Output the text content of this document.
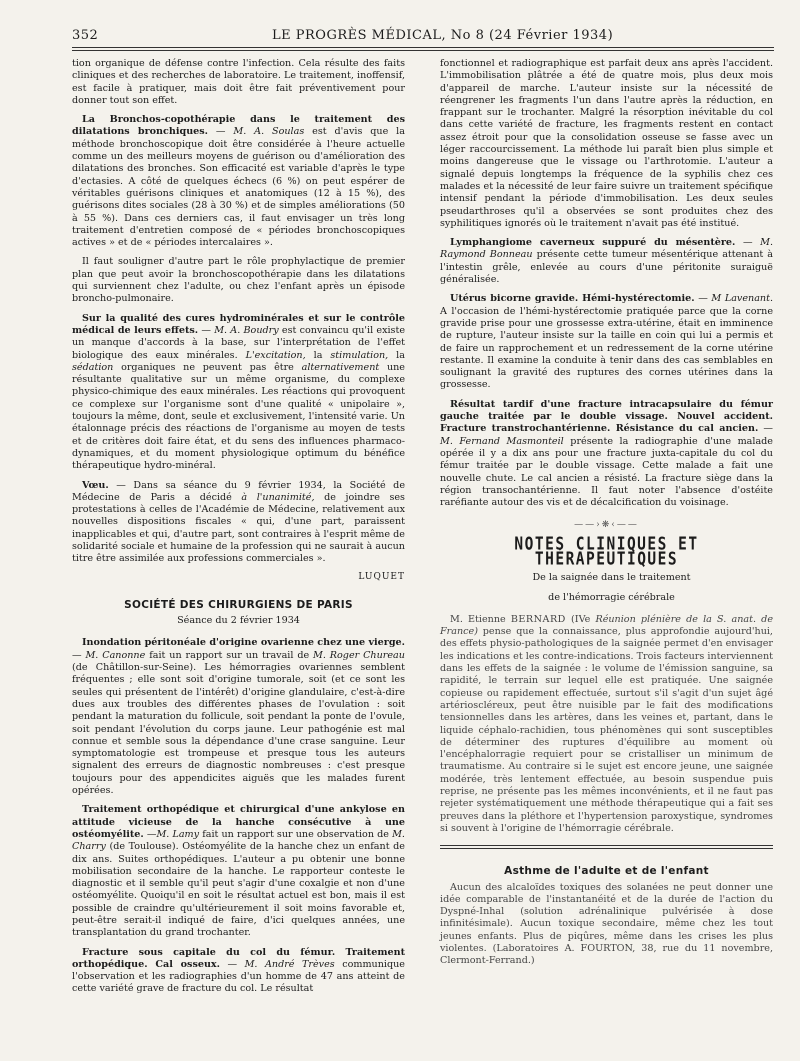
352	LE PROGRÈS MÉDICAL, No 8 (24 Février 1934)

tion organique de défense contre l'infection. Cela résulte des faits cliniques et des recherches de laboratoire. Le traitement, inoffensif, est facile à pratiquer, mais doit être fait préventivement pour donner tout son effet.

La Bronchos-copothérapie dans le traitement des dilatations bronchiques. — M. A. Soulas est d'avis que la méthode bronchoscopique doit être considérée à l'heure actuelle comme un des meilleurs moyens de guérison ou d'amélioration des dilatations des bronches. Son efficacité est variable d'après le type d'ectasies. A côté de quelques échecs (6 %) on peut espérer de véritables guérisons cliniques et anatomiques (12 à 15 %), des guérisons dites sociales (28 à 30 %) et de simples améliorations (50 à 55 %). Dans ces derniers cas, il faut envisager un très long traitement d'entretien composé de « périodes bronchoscopiques actives » et de « périodes intercalaires ».

Il faut souligner d'autre part le rôle prophylactique de premier plan que peut avoir la bronchoscopothérapie dans les dilatations qui surviennent chez l'adulte, ou chez l'enfant après un épisode broncho-pulmonaire.

Sur la qualité des cures hydrominérales et sur le contrôle médical de leurs effets. — M. A. Boudry est convaincu qu'il existe un manque d'accords à la base, sur l'interprétation de l'effet biologique des eaux minérales. L'excitation, la stimulation, la sédation organiques ne peuvent pas être alternativement une résultante qualitative sur un même organisme, du complexe physico-chimique des eaux minérales. Les réactions qui provoquent ce complexe sur l'organisme sont d'une qualité « unipolaire », toujours la même, dont, seule et exclusivement, l'intensité varie. Un étalonnage précis des réactions de l'organisme au moyen de tests et de critères doit faire état, et du sens des influences pharmaco-dynamiques, et du moment physiologique optimum du bénéfice thérapeutique hydro-minéral.

Vœu. — Dans sa séance du 9 février 1934, la Société de Médecine de Paris a décidé à l'unanimité, de joindre ses protestations à celles de l'Académie de Médecine, relativement aux nouvelles dispositions fiscales « qui, d'une part, paraissent inapplicables et qui, d'autre part, sont contraires à l'esprit même de solidarité sociale et humaine de la profession qui ne saurait à aucun titre être assimilée aux professions commerciales ».

LUQUET
SOCIÉTÉ DES CHIRURGIENS DE PARIS
Séance du 2 février 1934

Inondation péritonéale d'origine ovarienne chez une vierge. — M. Canonne fait un rapport sur un travail de M. Roger Chureau (de Châtillon-sur-Seine). Les hémorragies ovariennes semblent fréquentes ; elle sont soit d'origine tumorale, soit (et ce sont les seules qui présentent de l'intérêt) d'origine glandulaire, c'est-à-dire dues aux troubles des différentes phases de l'ovulation : soit pendant la maturation du follicule, soit pendant la ponte de l'ovule, soit pendant l'évolution du corps jaune. Leur pathogénie est mal connue et semble sous la dépendance d'une crase sanguine. Leur symptomatologie est trompeuse et presque tous les auteurs signalent des erreurs de diagnostic nombreuses : c'est presque toujours pour des appendicites aiguës que les malades furent opérées.

Traitement orthopédique et chirurgical d'une ankylose en attitude vicieuse de la hanche consécutive à une ostéomyélite. —M. Lamy fait un rapport sur une observation de M. Charry (de Toulouse). Ostéomyélite de la hanche chez un enfant de dix ans. Suites orthopédiques. L'auteur a pu obtenir une bonne mobilisation secondaire de la hanche. Le rapporteur conteste le diagnostic et il semble qu'il peut s'agir d'une coxalgie et non d'une ostéomyélite. Quoiqu'il en soit le résultat actuel est bon, mais il est possible de craindre qu'ultérieurement il soit moins favorable et, peut-être serait-il indiqué de faire, d'ici quelques années, une transplantation du grand trochanter.

Fracture sous capitale du col du fémur. Traitement orthopédique. Cal osseux. — M. André Trèves communique l'observation et les radiographies d'un homme de 47 ans atteint de cette variété grave de fracture du col. Le résultat

fonctionnel et radiographique est parfait deux ans après l'accident. L'immobilisation plâtrée a été de quatre mois, plus deux mois d'appareil de marche. L'auteur insiste sur la nécessité de réengrener les fragments l'un dans l'autre après la réduction, en frappant sur le trochanter. Malgré la résorption inévitable du col dans cette variété de fracture, les fragments restent en contact assez étroit pour que la consolidation osseuse se fasse avec un léger raccourcissement. La méthode lui paraît bien plus simple et moins dangereuse que le vissage ou l'arthrotomie. L'auteur a signalé depuis longtemps la fréquence de la syphilis chez ces malades et la nécessité de leur faire suivre un traitement spécifique intensif pendant la période d'immobilisation. Les deux seules pseudarthroses qu'il a observées se sont produites chez des syphilitiques ignorés où le traitement n'avait pas été institué.

Lymphangiome caverneux suppuré du mésentère. — M. Raymond Bonneau présente cette tumeur mésentérique attenant à l'intestin grêle, enlevée au cours d'une péritonite suraiguë généralisée.

Utérus bicorne gravide. Hémi-hystérectomie. — M Lavenant. A l'occasion de l'hémi-hystérectomie pratiquée parce que la corne gravide prise pour une grossesse extra-utérine, était en imminence de rupture, l'auteur insiste sur la taille en coin qui lui a permis et de faire un rapprochement et un redressement de la corne utérine restante. Il examine la conduite à tenir dans des cas semblables en soulignant la gravité des ruptures des cornes utérines dans la grossesse.

Résultat tardif d'une fracture intracapsulaire du fémur gauche traitée par le double vissage. Nouvel accident. Fracture transtrochantérienne. Résistance du cal ancien. — M. Fernand Masmonteil présente la radiographie d'une malade opérée il y a dix ans pour une fracture juxta-capitale du col du fémur traitée par le double vissage. Cette malade a fait une nouvelle chute. Le cal ancien a résisté. La fracture siège dans la région transochantérienne. Il faut noter l'absence d'ostéite raréfiante autour des vis et de décalcification du voisinage.

——›❋‹——
NOTES CLINIQUES ET THÉRAPEUTIQUES

De la saignée dans le traitement

de l'hémorragie cérébrale

M. Etienne BERNARD (IVe Réunion plénière de la S. anat. de France) pense que la connaissance, plus approfondie aujourd'hui, des effets physio-pathologiques de la saignée permet d'en envisager les indications et les contre-indications. Trois facteurs interviennent dans les effets de la saignée : le volume de l'émission sanguine, sa rapidité, le terrain sur lequel elle est pratiquée. Une saignée copieuse ou rapidement effectuée, surtout s'il s'agit d'un sujet âgé artérioscléreux, peut être nuisible par le fait des modifications tensionnelles dans les artères, dans les veines et, partant, dans le liquide céphalo-rachidien, tous phénomènes qui sont susceptibles de déterminer des ruptures d'équilibre au moment où l'encéphalorragie requiert pour se cristalliser un minimum de traumatisme. Au contraire si le sujet est encore jeune, une saignée modérée, très lentement effectuée, au besoin suspendue puis reprise, ne présente pas les mêmes inconvénients, et il ne faut pas rejeter systématiquement une méthode thérapeutique qui a fait ses preuves dans la pléthore et l'hypertension paroxystique, syndromes si souvent à l'origine de l'hémorragie cérébrale.

Asthme de l'adulte et de l'enfant

Aucun des alcaloïdes toxiques des solanées ne peut donner une idée comparable de l'instantanéité et de la durée de l'action du Dyspné-Inhal (solution adrénalinique pulvérisée à dose infinitésimale). Aucun toxique secondaire, même chez les tout jeunes enfants. Plus de piqûres, même dans les crises les plus violentes. (Laboratoires A. FOURTON, 38, rue du 11 novembre, Clermont-Ferrand.)
